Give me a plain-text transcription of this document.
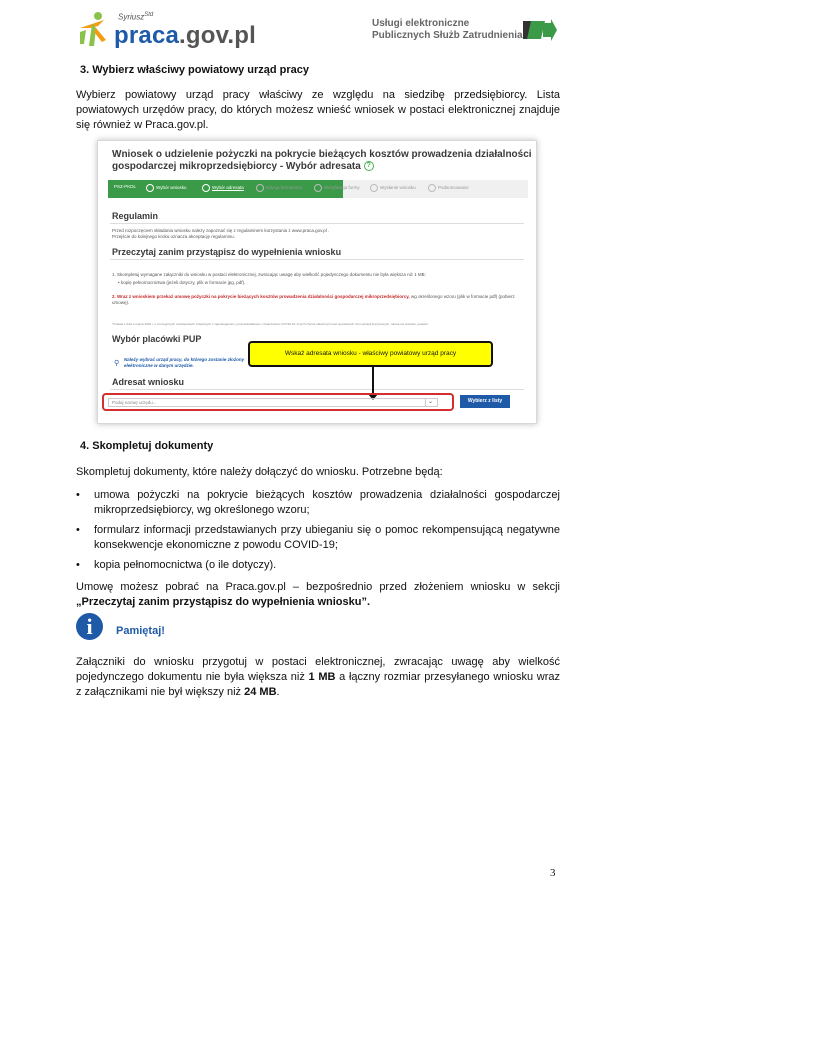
Syriusz$^{Std}$
praca.gov.pl	Usługi elektroniczne
Publicznych Służb Zatrudnienia
3. Wybierz właściwy powiatowy urząd pracy
Wybierz powiatowy urząd pracy właściwy ze względu na siedzibę przedsiębiorcy. Lista powiatowych urzędów pracy, do których możesz wnieść wniosek w postaci elektronicznej znajduje się również w Praca.gov.pl.
Wniosek o udzielenie pożyczki na pokrycie bieżących kosztów prowadzenia działalności
gospodarczej mikroprzedsiębiorcy - Wybór adresata ?
PSZ-PKDL	Wybór wniosku	Wybór adresata	Edycja formularza	Weryfikacja formy	Wysłanie wniosku	Podsumowanie
Regulamin
Przed rozpoczęciem składania wniosku należy zapoznać się z regulaminem korzystania z www.praca.gov.pl .
Przejście do kolejnego kroku oznacza akceptację regulaminu.
Przeczytaj zanim przystąpisz do wypełnienia wniosku
1. Skompletuj wymagane załączniki do wniosku w postaci elektronicznej, zwracając uwagę aby wielkość pojedynczego dokumentu nie była większa niż 1 MB:
• kopię pełnomocnictwa (jeżeli dotyczy, plik w formacie jpg, pdf).
2. Wraz z wnioskiem przekaż umowę pożyczki na pokrycie bieżących kosztów prowadzenia działalności gospodarczej mikroprzedsiębiorcy, wg określonego wzoru (plik w formacie pdf) (pobierz umowę).
*Ustawa z dnia 2 marca 2020 r. o szczególnych rozwiązaniach związanych z zapobieganiem, przeciwdziałaniem i zwalczaniem COVID-19, innych chorób zakaźnych oraz wywołanych nimi sytuacji kryzysowych, nazwa we wniosku „ustawa".
Wybór placówki PUP
⚲
Należy wybrać urząd pracy, do którego zostanie złożony
elektroniczne w danym urzędzie.
Adresat wniosku
Wskaż adresata wniosku - właściwy powiatowy urząd pracy
Podaj nazwę urzędu...	⌄	Wybierz z listy
4. Skompletuj dokumenty
Skompletuj dokumenty, które należy dołączyć do wniosku. Potrzebne będą:
• umowa pożyczki na pokrycie bieżących kosztów prowadzenia działalności gospodarczej mikroprzedsiębiorcy, wg określonego wzoru;
• formularz informacji przedstawianych przy ubieganiu się o pomoc rekompensującą negatywne konsekwencje ekonomiczne z powodu COVID-19;
• kopia pełnomocnictwa (o ile dotyczy).
Umowę możesz pobrać na Praca.gov.pl – bezpośrednio przed złożeniem wniosku w sekcji „Przeczytaj zanim przystąpisz do wypełnienia wniosku”.
i	Pamiętaj!
Załączniki do wniosku przygotuj w postaci elektronicznej, zwracając uwagę aby wielkość pojedynczego dokumentu nie była większa niż 1 MB a łączny rozmiar przesyłanego wniosku wraz z załącznikami nie był większy niż 24 MB.
3
